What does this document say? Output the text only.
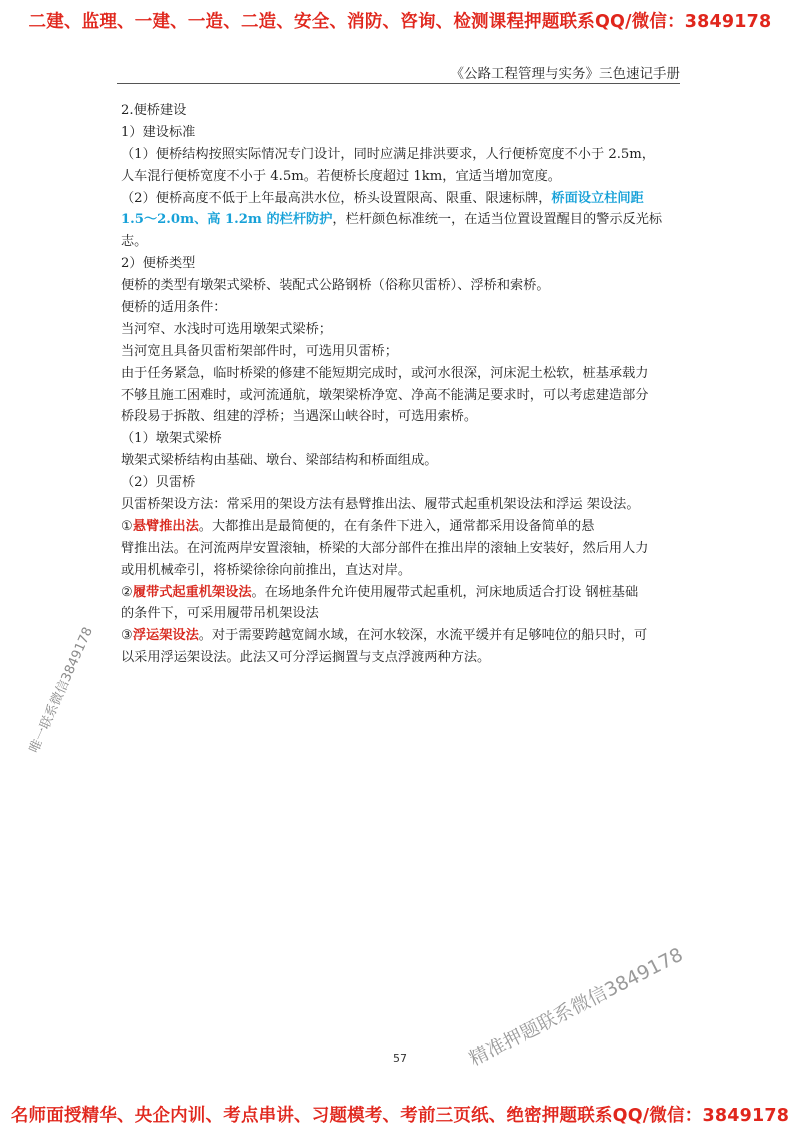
二建、监理、一建、一造、二造、安全、消防、咨询、检测课程押题联系QQ/微信：3849178
《公路工程管理与实务》三色速记手册
2.便桥建设
1）建设标准
（1）便桥结构按照实际情况专门设计，同时应满足排洪要求，人行便桥宽度不小于 2.5m，
人车混行便桥宽度不小于 4.5m。若便桥长度超过 1km，宜适当增加宽度。
（2）便桥高度不低于上年最高洪水位，桥头设置限高、限重、限速标牌，桥面设立柱间距
1.5～2.0m、高 1.2m 的栏杆防护，栏杆颜色标准统一，在适当位置设置醒目的警示反光标
志。
2）便桥类型
便桥的类型有墩架式梁桥、装配式公路钢桥（俗称贝雷桥）、浮桥和索桥。
便桥的适用条件：
当河窄、水浅时可选用墩架式梁桥；
当河宽且具备贝雷桁架部件时，可选用贝雷桥；
由于任务紧急，临时桥梁的修建不能短期完成时，或河水很深，河床泥土松软，桩基承载力
不够且施工困难时，或河流通航，墩架梁桥净宽、净高不能满足要求时，可以考虑建造部分
桥段易于拆散、组建的浮桥；当遇深山峡谷时，可选用索桥。
（1）墩架式梁桥
墩架式梁桥结构由基础、墩台、梁部结构和桥面组成。
（2）贝雷桥
贝雷桥架设方法：常采用的架设方法有悬臂推出法、履带式起重机架设法和浮运 架设法。
①悬臂推出法。大都推出是最简便的，在有条件下进入，通常都采用设备简单的悬
臂推出法。在河流两岸安置滚轴，桥梁的大部分部件在推出岸的滚轴上安装好，然后用人力
或用机械牵引，将桥梁徐徐向前推出，直达对岸。
②履带式起重机架设法。在场地条件允许使用履带式起重机，河床地质适合打设 钢桩基础
的条件下，可采用履带吊机架设法
③浮运架设法。对于需要跨越宽阔水域，在河水较深，水流平缓并有足够吨位的船只时，可
以采用浮运架设法。此法又可分浮运搁置与支点浮渡两种方法。
唯一联系微信3849178
精准押题联系微信3849178
57
名师面授精华、央企内训、考点串讲、习题模考、考前三页纸、绝密押题联系QQ/微信：3849178
